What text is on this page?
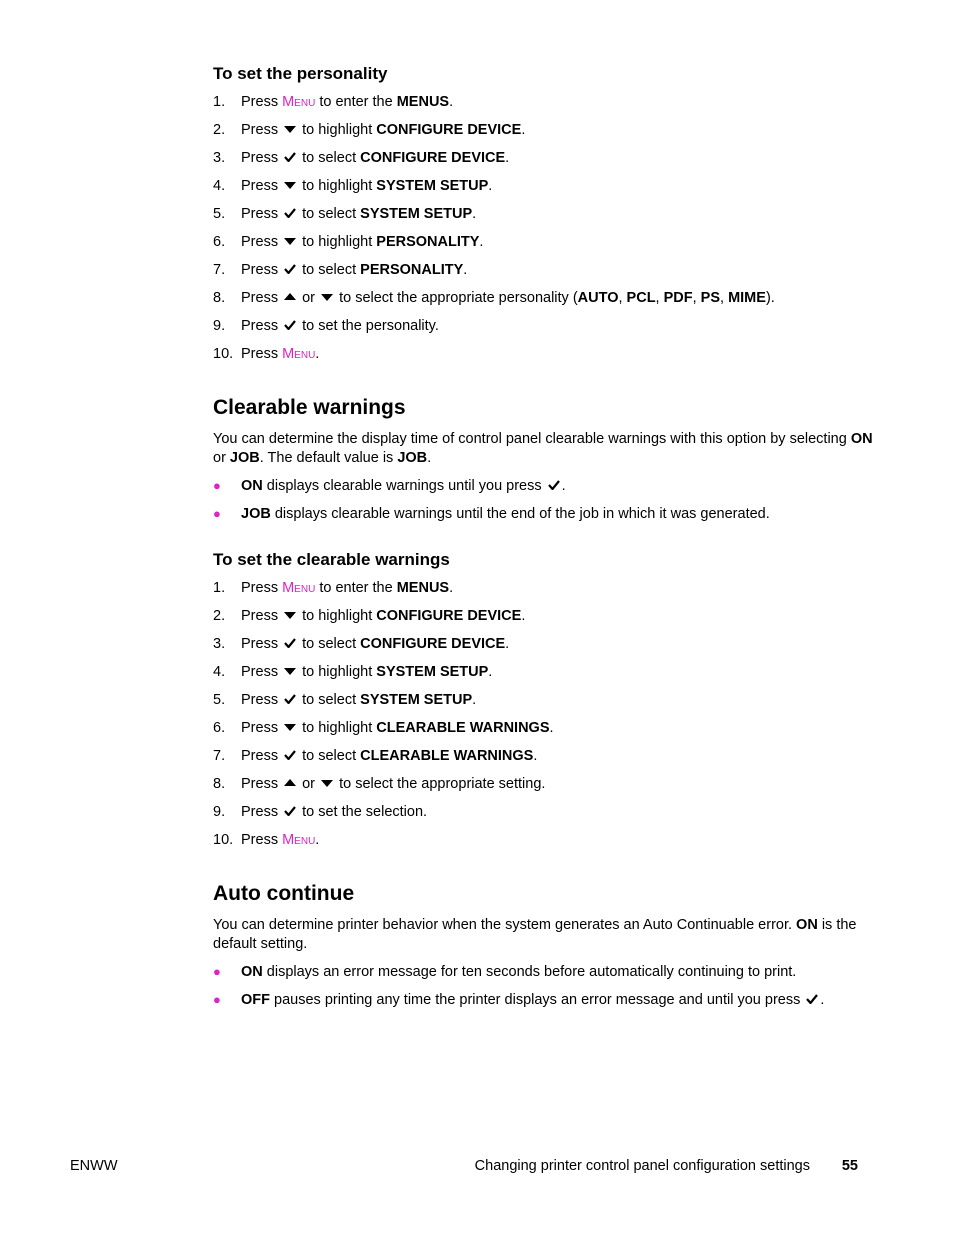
To set the personality
1. Press Menu to enter the MENUS.
2. Press  to highlight CONFIGURE DEVICE.
3. Press  to select CONFIGURE DEVICE.
4. Press  to highlight SYSTEM SETUP.
5. Press  to select SYSTEM SETUP.
6. Press  to highlight PERSONALITY.
7. Press  to select PERSONALITY.
8. Press  or  to select the appropriate personality (AUTO, PCL, PDF, PS, MIME).
9. Press  to set the personality.
10. Press Menu.
Clearable warnings

You can determine the display time of control panel clearable warnings with this option by selecting ON or JOB. The default value is JOB.

● ON displays clearable warnings until you press .
● JOB displays clearable warnings until the end of the job in which it was generated.
To set the clearable warnings
1. Press Menu to enter the MENUS.
2. Press  to highlight CONFIGURE DEVICE.
3. Press  to select CONFIGURE DEVICE.
4. Press  to highlight SYSTEM SETUP.
5. Press  to select SYSTEM SETUP.
6. Press  to highlight CLEARABLE WARNINGS.
7. Press  to select CLEARABLE WARNINGS.
8. Press  or  to select the appropriate setting.
9. Press  to set the selection.
10. Press Menu.
Auto continue

You can determine printer behavior when the system generates an Auto Continuable error. ON is the default setting.

● ON displays an error message for ten seconds before automatically continuing to print.
● OFF pauses printing any time the printer displays an error message and until you press .
ENWW	Changing printer control panel configuration settings 55
